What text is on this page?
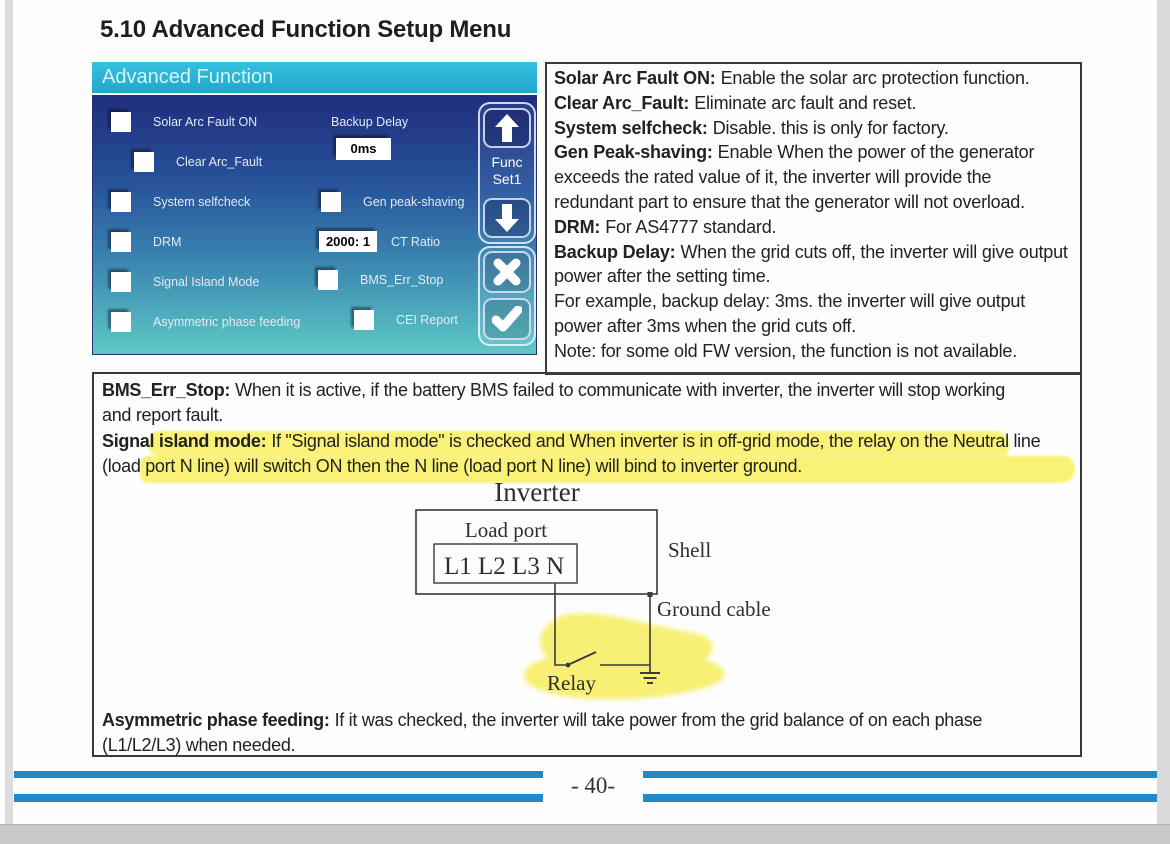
5.10 Advanced Function Setup Menu
Advanced Function
Solar Arc Fault ON
Clear Arc_Fault
System selfcheck
DRM
Signal Island Mode
Asymmetric phase feeding
Backup Delay
0ms
Gen peak-shaving
2000: 1	CT Ratio
BMS_Err_Stop
CEI Report
Func
Set1

Solar Arc Fault ON: Enable the solar arc protection function.

Clear Arc_Fault: Eliminate arc fault and reset.

System selfcheck: Disable. this is only for factory.

Gen Peak-shaving: Enable When the power of the generator exceeds the rated value of it, the inverter will provide the redundant part to ensure that the generator will not overload.

DRM: For AS4777 standard.

Backup Delay: When the grid cuts off, the inverter will give output power after the setting time.

For example, backup delay: 3ms. the inverter will give output power after 3ms when the grid cuts off.

Note: for some old FW version, the function is not available.

BMS_Err_Stop: When it is active, if the battery BMS failed to communicate with inverter, the inverter will stop working and report fault.

Signal island mode: If "Signal island mode" is checked and When inverter is in off-grid mode, the relay on the Neutral line (load port N line) will switch ON then the N line (load port N line) will bind to inverter ground.

Inverter
Load port
L1 L2 L3 N
Shell
Ground cable
Relay

Asymmetric phase feeding: If it was checked, the inverter will take power from the grid balance of on each phase (L1/L2/L3) when needed.

- 40-
